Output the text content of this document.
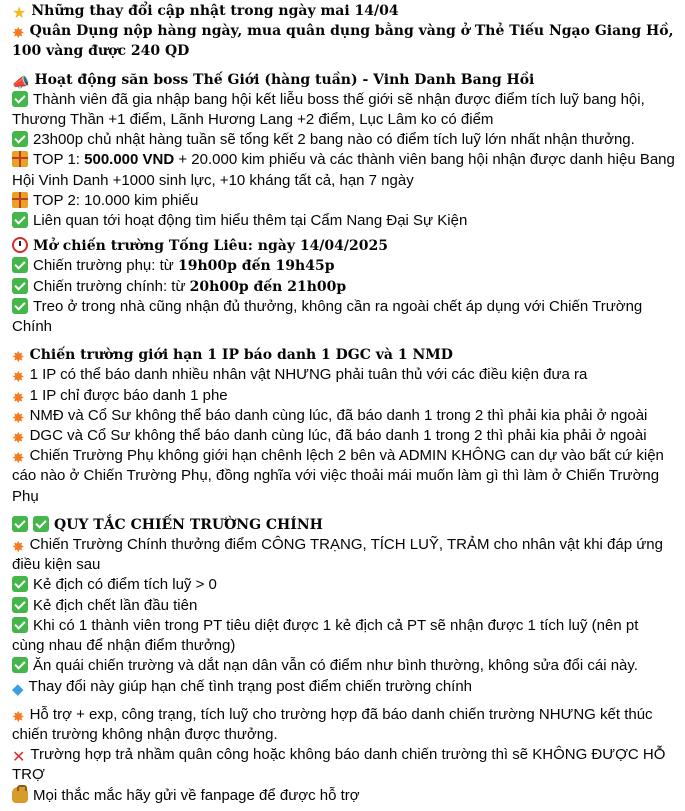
★ Những thay đổi cập nhật trong ngày mai 14/04

✸ Quân Dụng nộp hàng ngày, mua quân dụng bằng vàng ở Thẻ Tiếu Ngạo Giang Hồ, 100 vàng được 240 QD

📣 Hoạt động săn boss Thế Giới (hàng tuần) - Vinh Danh Bang Hồi

Thành viên đã gia nhập bang hội kết liễu boss thế giới sẽ nhận được điểm tích luỹ bang hội, Thương Thần +1 điểm, Lãnh Hương Lang +2 điểm, Lục Lâm ko có điểm

23h00p chủ nhật hàng tuần sẽ tổng kết 2 bang nào có điểm tích luỹ lớn nhất nhận thưởng.

TOP 1: 500.000 VND + 20.000 kim phiếu và các thành viên bang hội nhận được danh hiệu Bang Hội Vinh Danh +1000 sinh lực, +10 kháng tất cả, hạn 7 ngày

TOP 2: 10.000 kim phiếu

Liên quan tới hoạt động tìm hiểu thêm tại Cẩm Nang Đại Sự Kiện

Mở chiến trường Tống Liêu: ngày 14/04/2025

Chiến trường phụ: từ 19h00p đến 19h45p

Chiến trường chính: từ 20h00p đến 21h00p

Treo ở trong nhà cũng nhận đủ thưởng, không cần ra ngoài chết áp dụng với Chiến Trường Chính

✸ Chiến trường giới hạn 1 IP báo danh 1 DGC và 1 NMD

✸ 1 IP có thể báo danh nhiều nhân vật NHƯNG phải tuân thủ với các điều kiện đưa ra

✸ 1 IP chỉ được báo danh 1 phe

✸ NMĐ và Cổ Sư không thể báo danh cùng lúc, đã báo danh 1 trong 2 thì phải kia phải ở ngoài

✸ DGC và Cổ Sư không thể báo danh cùng lúc, đã báo danh 1 trong 2 thì phải kia phải ở ngoài

✸ Chiến Trường Phụ không giới hạn chênh lệch 2 bên và ADMIN KHÔNG can dự vào bất cứ kiện cáo nào ở Chiến Trường Phụ, đồng nghĩa với việc thoải mái muốn làm gì thì làm ở Chiến Trường Phụ

QUY TẮC CHIẾN TRƯỜNG CHÍNH

✸ Chiến Trường Chính thưởng điểm CÔNG TRẠNG, TÍCH LUỸ, TRẢM cho nhân vật khi đáp ứng điều kiện sau

Kẻ địch có điểm tích luỹ > 0

Kẻ địch chết lần đầu tiên

Khi có 1 thành viên trong PT tiêu diệt được 1 kẻ địch cả PT sẽ nhận được 1 tích luỹ (nên pt cùng nhau để nhận điểm thưởng)

Ăn quái chiến trường và dắt nạn dân vẫn có điểm như bình thường, không sửa đổi cái này.

◆ Thay đổi này giúp hạn chế tình trạng post điểm chiến trường chính

✸ Hỗ trợ + exp, công trạng, tích luỹ cho trường hợp đã báo danh chiến trường NHƯNG kết thúc chiến trường không nhận được thưởng.

✕ Trường hợp trả nhầm quân công hoặc không báo danh chiến trường thì sẽ KHÔNG ĐƯỢC HỖ TRỢ

Mọi thắc mắc hãy gửi về fanpage để được hỗ trợ
